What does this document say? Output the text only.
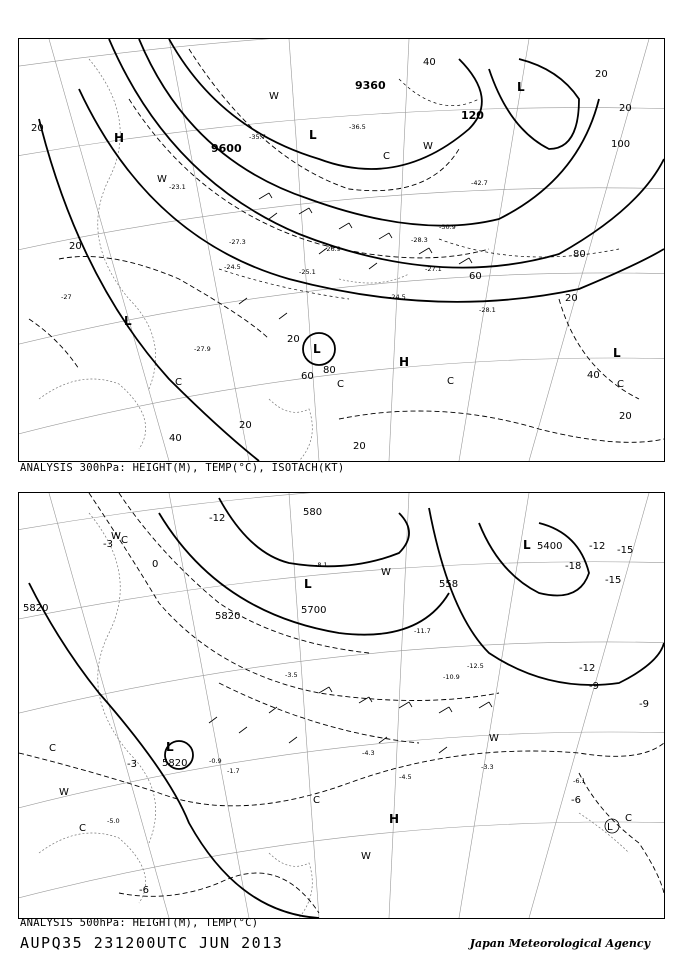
H	L
L
L
L
H
9600
9360
120
20
20
40
60
80
100
20
20
20
40
20
20
20
20
40
60
80
-27.3
-24.5
-24.5
-25.1
-26.9
-28.1
-27.9
-23.1
-28.3
-27.1
-42.7
-30.9
-36.5
-35.7
-27
C	C	C	C
C
W
W
W
L
ANALYSIS 300hPa: HEIGHT(M), TEMP(°C), ISOTACH(KT)
L
L
L
H
L
5820
5820
5700
558
5820
5400
580
-3
0
-6
-9
-12
-15
-18
-12
-9
-6
-3	-12 -15
-3.5
-4.3
-4.5
-3.3
-6.1
-10.9
-12.5
-11.7
-8.1
-5.0
-1.7
-0.9
C
C
C
C
C
W
W
W
W
W
ANALYSIS 500hPa: HEIGHT(M), TEMP(°C)
AUPQ35 231200UTC JUN 2013	Japan Meteorological Agency
